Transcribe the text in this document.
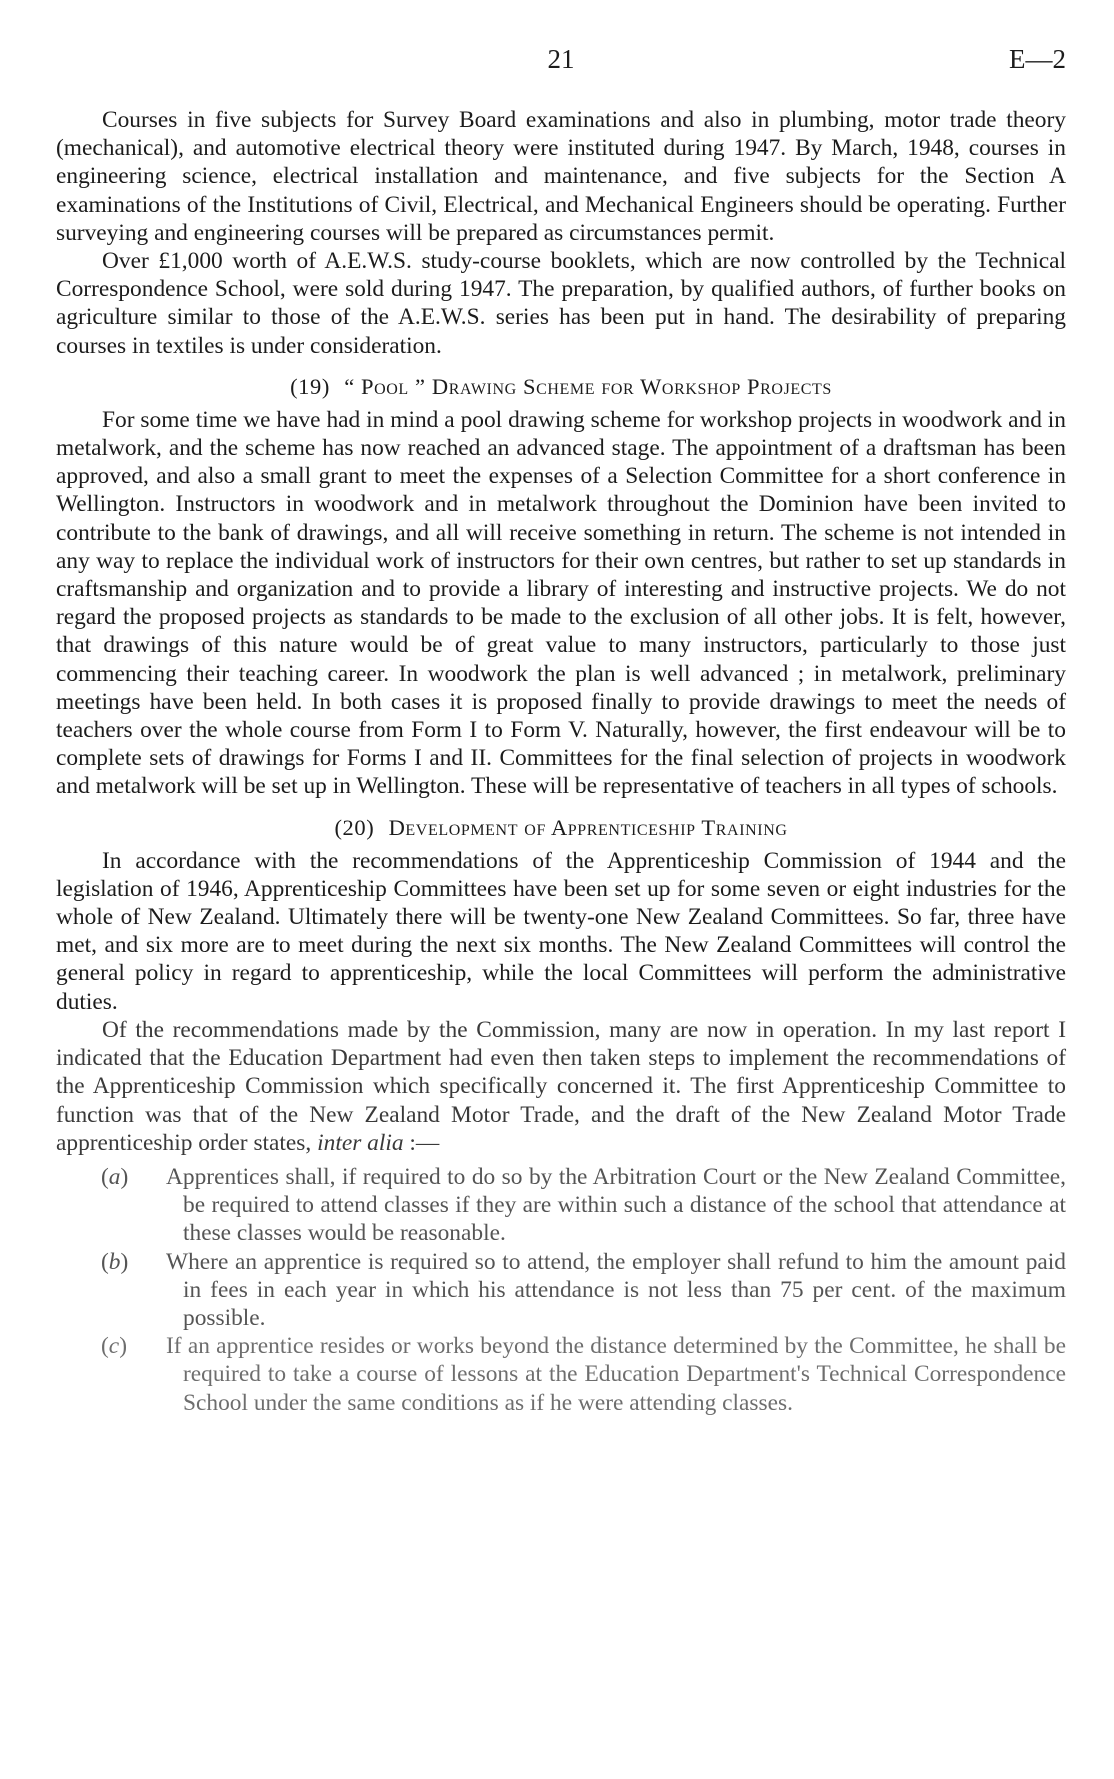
21	E—2

Courses in five subjects for Survey Board examinations and also in plumbing, motor trade theory (mechanical), and automotive electrical theory were instituted during 1947. By March, 1948, courses in engineering science, electrical installation and maintenance, and five subjects for the Section A examinations of the Institutions of Civil, Electrical, and Mechanical Engineers should be operating. Further surveying and engineering courses will be prepared as circumstances permit.

Over £1,000 worth of A.E.W.S. study-course booklets, which are now controlled by the Technical Correspondence School, were sold during 1947. The preparation, by qualified authors, of further books on agriculture similar to those of the A.E.W.S. series has been put in hand. The desirability of preparing courses in textiles is under consideration.

(19) “ Pool ” Drawing Scheme for Workshop Projects

For some time we have had in mind a pool drawing scheme for workshop projects in woodwork and in metalwork, and the scheme has now reached an advanced stage. The appointment of a draftsman has been approved, and also a small grant to meet the expenses of a Selection Committee for a short conference in Wellington. Instructors in woodwork and in metalwork throughout the Dominion have been invited to contribute to the bank of drawings, and all will receive something in return. The scheme is not intended in any way to replace the individual work of instructors for their own centres, but rather to set up standards in craftsmanship and organization and to provide a library of interesting and instructive projects. We do not regard the proposed projects as standards to be made to the exclusion of all other jobs. It is felt, however, that drawings of this nature would be of great value to many instructors, particularly to those just commencing their teaching career. In woodwork the plan is well advanced ; in metalwork, preliminary meetings have been held. In both cases it is proposed finally to provide drawings to meet the needs of teachers over the whole course from Form I to Form V. Naturally, however, the first endeavour will be to complete sets of drawings for Forms I and II. Committees for the final selection of projects in woodwork and metalwork will be set up in Wellington. These will be representative of teachers in all types of schools.

(20) Development of Apprenticeship Training

In accordance with the recommendations of the Apprenticeship Commission of 1944 and the legislation of 1946, Apprenticeship Committees have been set up for some seven or eight industries for the whole of New Zealand. Ultimately there will be twenty-one New Zealand Committees. So far, three have met, and six more are to meet during the next six months. The New Zealand Committees will control the general policy in regard to apprenticeship, while the local Committees will perform the administrative duties.

Of the recommendations made by the Commission, many are now in operation. In my last report I indicated that the Education Department had even then taken steps to implement the recommendations of the Apprenticeship Commission which specifically concerned it. The first Apprenticeship Committee to function was that of the New Zealand Motor Trade, and the draft of the New Zealand Motor Trade apprenticeship order states, inter alia :—

(a) Apprentices shall, if required to do so by the Arbitration Court or the New Zealand Committee, be required to attend classes if they are within such a distance of the school that attendance at these classes would be reasonable.
(b) Where an apprentice is required so to attend, the employer shall refund to him the amount paid in fees in each year in which his attendance is not less than 75 per cent. of the maximum possible.
(c) If an apprentice resides or works beyond the distance determined by the Committee, he shall be required to take a course of lessons at the Education Department's Technical Correspondence School under the same conditions as if he were attending classes.
